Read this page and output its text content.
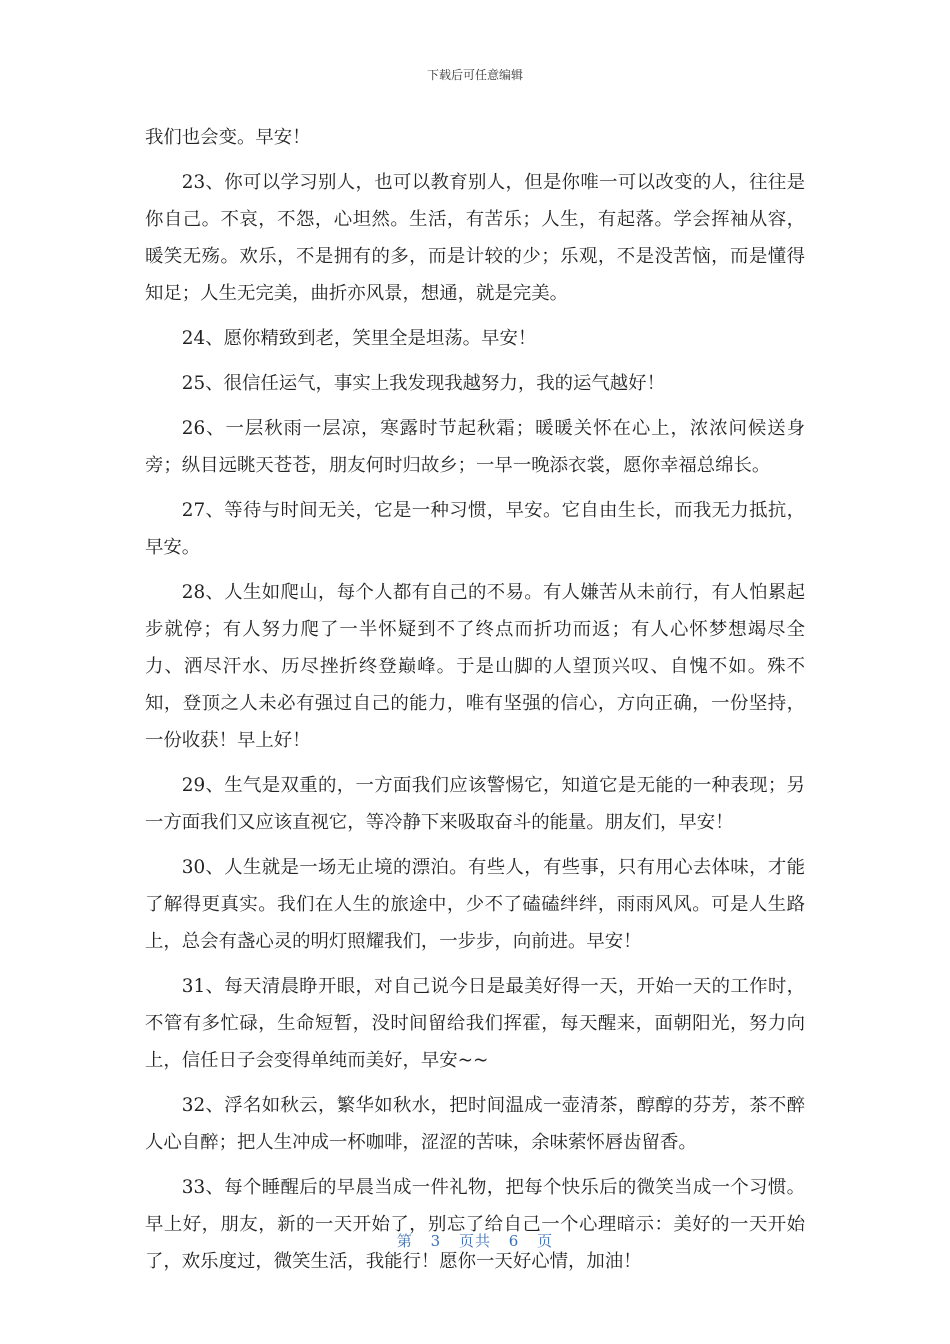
下载后可任意编辑

我们也会变。早安！

23、你可以学习别人，也可以教育别人，但是你唯一可以改变的人，往往是你自己。不哀，不怨，心坦然。生活，有苦乐；人生，有起落。学会挥袖从容，暖笑无殇。欢乐，不是拥有的多，而是计较的少；乐观，不是没苦恼，而是懂得知足；人生无完美，曲折亦风景，想通，就是完美。

24、愿你精致到老，笑里全是坦荡。早安！

25、很信任运气，事实上我发现我越努力，我的运气越好！

26、一层秋雨一层凉，寒露时节起秋霜；暖暖关怀在心上，浓浓问候送身旁；纵目远眺天苍苍，朋友何时归故乡；一早一晚添衣裳，愿你幸福总绵长。

27、等待与时间无关，它是一种习惯，早安。它自由生长，而我无力抵抗，早安。

28、人生如爬山，每个人都有自己的不易。有人嫌苦从未前行，有人怕累起步就停；有人努力爬了一半怀疑到不了终点而折功而返；有人心怀梦想竭尽全力、洒尽汗水、历尽挫折终登巅峰。于是山脚的人望顶兴叹、自愧不如。殊不知，登顶之人未必有强过自己的能力，唯有坚强的信心，方向正确，一份坚持，一份收获！早上好！

29、生气是双重的，一方面我们应该警惕它，知道它是无能的一种表现；另一方面我们又应该直视它，等冷静下来吸取奋斗的能量。朋友们，早安！

30、人生就是一场无止境的漂泊。有些人，有些事，只有用心去体味，才能了解得更真实。我们在人生的旅途中，少不了磕磕绊绊，雨雨风风。可是人生路上，总会有盏心灵的明灯照耀我们，一步步，向前进。早安！

31、每天清晨睁开眼，对自己说今日是最美好得一天，开始一天的工作时，不管有多忙碌，生命短暂，没时间留给我们挥霍，每天醒来，面朝阳光，努力向上，信任日子会变得单纯而美好，早安~~

32、浮名如秋云，繁华如秋水，把时间温成一壶清茶，醇醇的芬芳，茶不醉人心自醉；把人生冲成一杯咖啡，涩涩的苦味，余味萦怀唇齿留香。

33、每个睡醒后的早晨当成一件礼物，把每个快乐后的微笑当成一个习惯。早上好，朋友，新的一天开始了，别忘了给自己一个心理暗示：美好的一天开始了，欢乐度过，微笑生活，我能行！愿你一天好心情，加油！

第 3 页共 6 页
